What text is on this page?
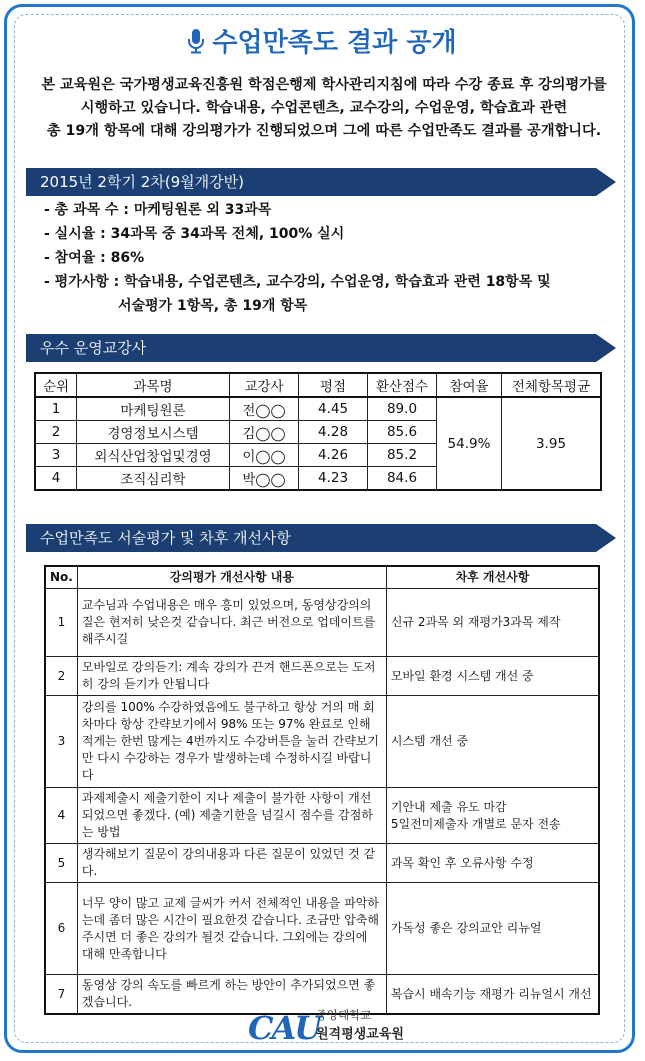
수업만족도 결과 공개
본 교육원은 국가평생교육진흥원 학점은행제 학사관리지침에 따라 수강 종료 후 강의평가를
시행하고 있습니다. 학습내용, 수업콘텐츠, 교수강의, 수업운영, 학습효과 관련
총 19개 항목에 대해 강의평가가 진행되었으며 그에 따른 수업만족도 결과를 공개합니다.
2015년 2학기 2차(9월개강반)
- 총 과목 수 : 마케팅원론 외 33과목
- 실시율 : 34과목 중 34과목 전체, 100% 실시
- 참여율 : 86%
- 평가사항 : 학습내용, 수업콘텐츠, 교수강의, 수업운영, 학습효과 관련 18항목 및
서술평가 1항목, 총 19개 항목
우수 운영교강사
순위	과목명	교강사	평점	환산점수	참여율	전체항목평균
1	마케팅원론	전◯◯	4.45	89.0	54.9%	3.95
2	경영정보시스템	김◯◯	4.28	85.6		
3	외식산업창업및경영	이◯◯	4.26	85.2		
4	조직심리학	박◯◯	4.23	84.6		
수업만족도 서술평가 및 차후 개선사항
No.	강의평가 개선사항 내용	차후 개선사항
1	교수님과 수업내용은 매우 흥미 있었으며, 동영상강의의 질은 현저히 낮은것 같습니다. 최근 버전으로 업데이트를 해주시길	신규 2과목 외 재평가3과목 제작
2	모바일로 강의듣기: 계속 강의가 끈겨 핸드폰으로는 도저히 강의 듣기가 안됩니다	모바일 환경 시스템 개선 중
3	강의를 100% 수강하였음에도 불구하고 항상 거의 매 회차마다 항상 간략보기에서 98% 또는 97% 완료로 인해 적게는 한번 많게는 4번까지도 수강버튼을 눌러 간략보기만 다시 수강하는 경우가 발생하는데 수정하시길 바랍니다	시스템 개선 중
4	과제제출시 제출기한이 지나 제출이 불가한 사항이 개선되었으면 좋겠다. (예) 제출기한을 넘길시 점수를 감점하는 방법	기안내 제출 유도 마감
5일전미제출자 개별로 문자 전송
5	생각해보기 질문이 강의내용과 다른 질문이 있었던 것 같다.	과목 확인 후 오류사항 수정
6	너무 양이 많고 교제 글씨가 커서 전체적인 내용을 파악하는데 좀더 많은 시간이 필요한것 같습니다. 조금만 압축해주시면 더 좋은 강의가 될것 같습니다. 그외에는 강의에 대해 만족합니다	가독성 좋은 강의교안 리뉴얼
7	동영상 강의 속도를 빠르게 하는 방안이 추가되었으면 좋겠습니다.	복습시 배속기능 재평가 리뉴얼시 개선
CAU
중앙대학교
원격평생교육원
